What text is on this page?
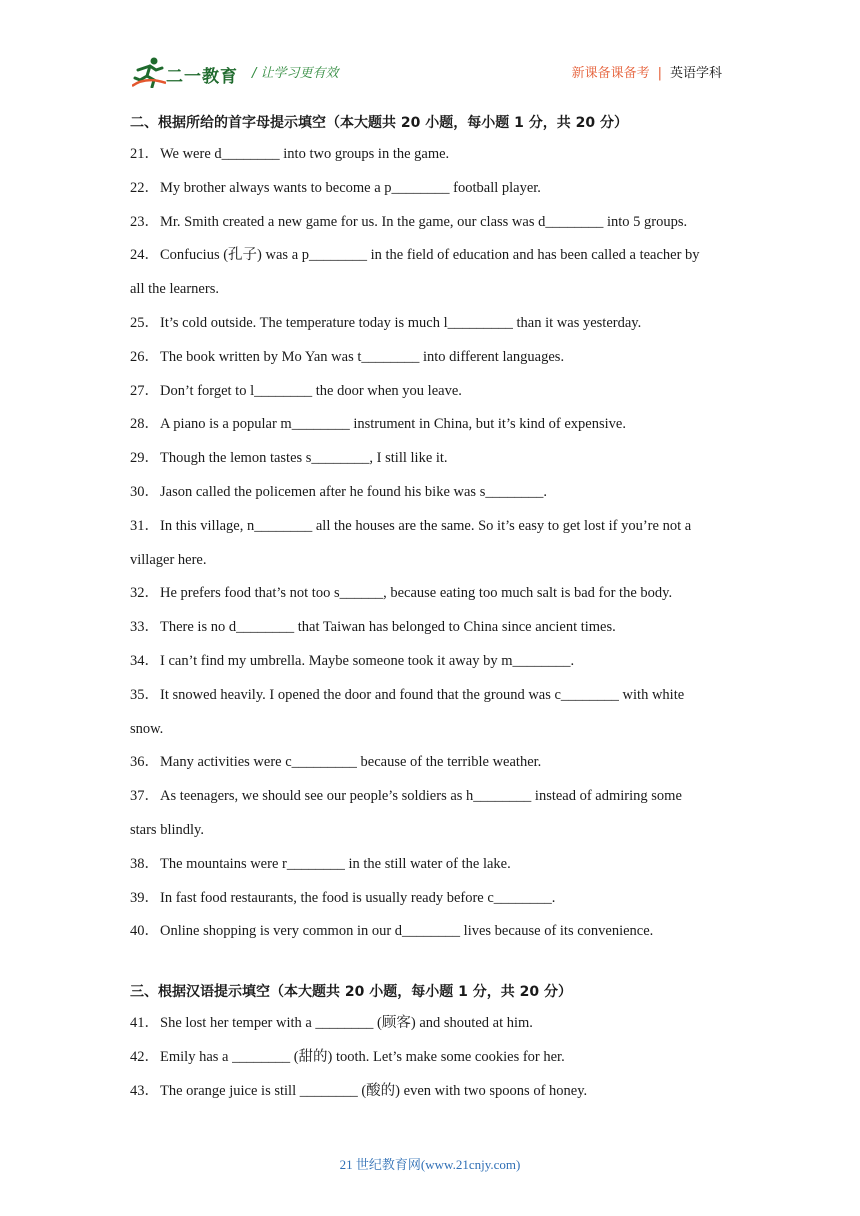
二一教育 / 让学习更有效	新课备课备考 | 英语学科
二、根据所给的首字母提示填空（本大题共 20 小题，每小题 1 分，共 20 分）
21．We were d________ into two groups in the game.
22．My brother always wants to become a p________ football player.
23．Mr. Smith created a new game for us. In the game, our class was d________ into 5 groups.
24．Confucius (孔子) was a p________ in the field of education and has been called a teacher by
all the learners.
25．It’s cold outside. The temperature today is much l_________ than it was yesterday.
26．The book written by Mo Yan was t________ into different languages.
27．Don’t forget to l________ the door when you leave.
28．A piano is a popular m________ instrument in China, but it’s kind of expensive.
29．Though the lemon tastes s________, I still like it.
30．Jason called the policemen after he found his bike was s________.
31．In this village, n________ all the houses are the same. So it’s easy to get lost if you’re not a
villager here.
32．He prefers food that’s not too s______, because eating too much salt is bad for the body.
33．There is no d________ that Taiwan has belonged to China since ancient times.
34．I can’t find my umbrella. Maybe someone took it away by m________.
35．It snowed heavily. I opened the door and found that the ground was c________ with white
snow.
36．Many activities were c_________ because of the terrible weather.
37．As teenagers, we should see our people’s soldiers as h________ instead of admiring some
stars blindly.
38．The mountains were r________ in the still water of the lake.
39．In fast food restaurants, the food is usually ready before c________.
40．Online shopping is very common in our d________ lives because of its convenience.
三、根据汉语提示填空（本大题共 20 小题，每小题 1 分，共 20 分）
41．She lost her temper with a ________ (顾客) and shouted at him.
42．Emily has a ________ (甜的) tooth. Let’s make some cookies for her.
43．The orange juice is still ________ (酸的) even with two spoons of honey.
21 世纪教育网(www.21cnjy.com)
